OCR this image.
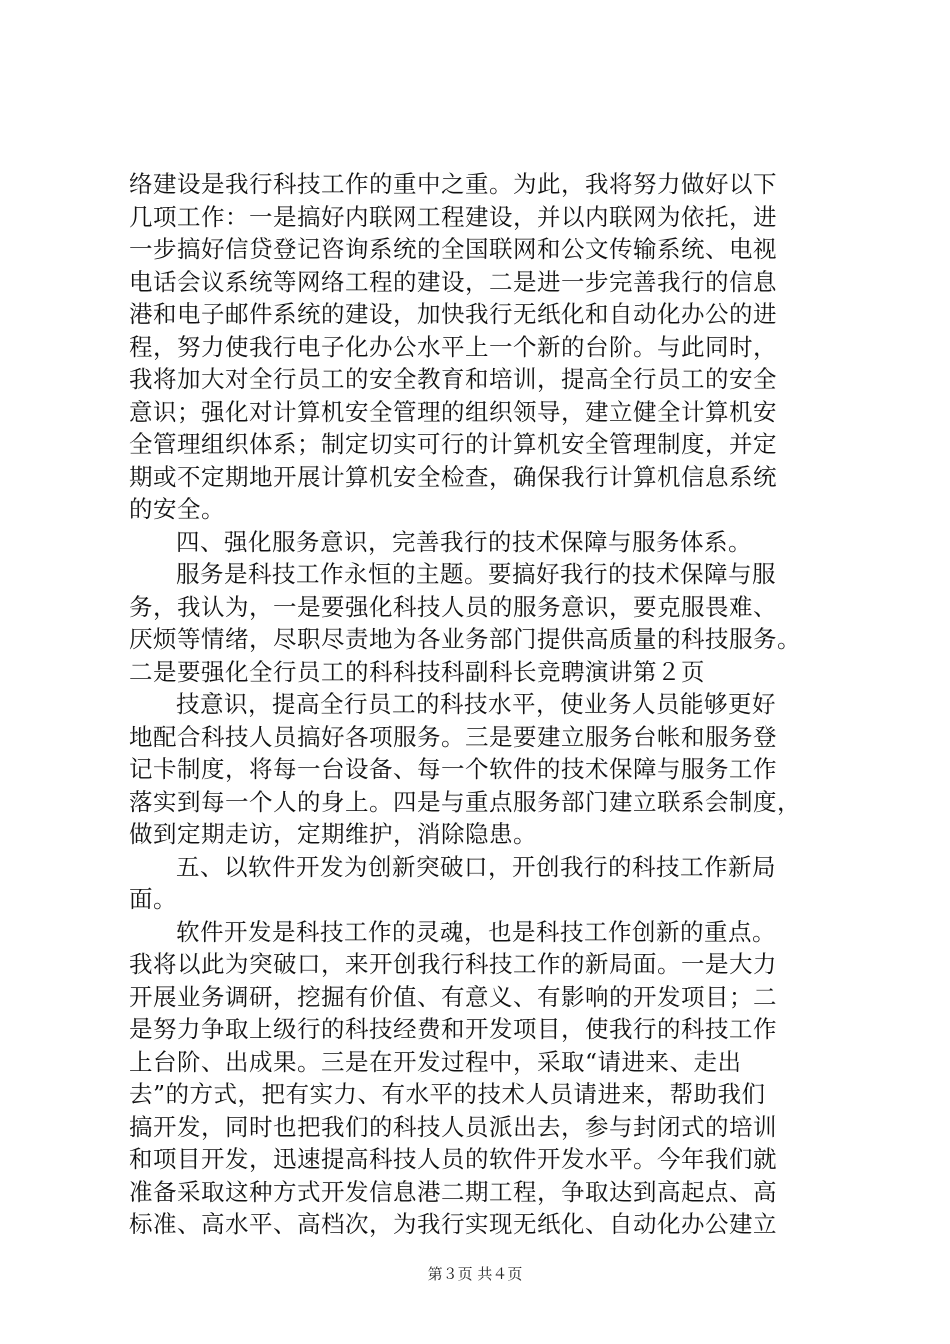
络建设是我行科技工作的重中之重。为此，我将努力做好以下
几项工作：一是搞好内联网工程建设，并以内联网为依托，进
一步搞好信贷登记咨询系统的全国联网和公文传输系统、电视
电话会议系统等网络工程的建设，二是进一步完善我行的信息
港和电子邮件系统的建设，加快我行无纸化和自动化办公的进
程，努力使我行电子化办公水平上一个新的台阶。与此同时，
我将加大对全行员工的安全教育和培训，提高全行员工的安全
意识；强化对计算机安全管理的组织领导，建立健全计算机安
全管理组织体系；制定切实可行的计算机安全管理制度，并定
期或不定期地开展计算机安全检查，确保我行计算机信息系统
的安全。
四、强化服务意识，完善我行的技术保障与服务体系。
服务是科技工作永恒的主题。要搞好我行的技术保障与服
务，我认为，一是要强化科技人员的服务意识，要克服畏难、
厌烦等情绪，尽职尽责地为各业务部门提供高质量的科技服务。
二是要强化全行员工的科科技科副科长竞聘演讲第２页
技意识，提高全行员工的科技水平，使业务人员能够更好
地配合科技人员搞好各项服务。三是要建立服务台帐和服务登
记卡制度，将每一台设备、每一个软件的技术保障与服务工作
落实到每一个人的身上。四是与重点服务部门建立联系会制度，
做到定期走访，定期维护，消除隐患。
五、以软件开发为创新突破口，开创我行的科技工作新局
面。
软件开发是科技工作的灵魂，也是科技工作创新的重点。
我将以此为突破口，来开创我行科技工作的新局面。一是大力
开展业务调研，挖掘有价值、有意义、有影响的开发项目；二
是努力争取上级行的科技经费和开发项目，使我行的科技工作
上台阶、出成果。三是在开发过程中，采取“请进来、走出
去”的方式，把有实力、有水平的技术人员请进来，帮助我们
搞开发，同时也把我们的科技人员派出去，参与封闭式的培训
和项目开发，迅速提高科技人员的软件开发水平。今年我们就
准备采取这种方式开发信息港二期工程，争取达到高起点、高
标准、高水平、高档次，为我行实现无纸化、自动化办公建立
第３页 共４页
